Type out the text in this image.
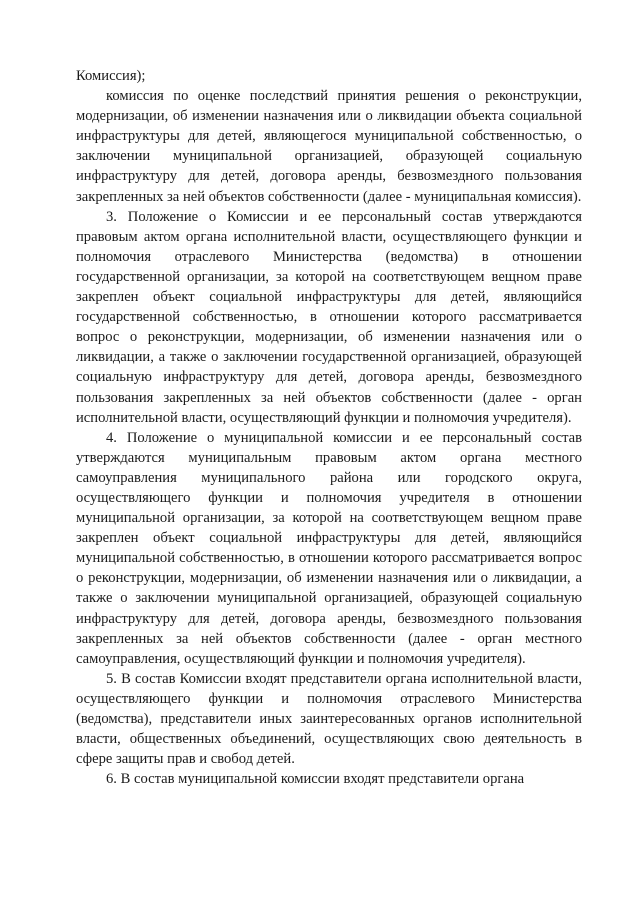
Комиссия);

комиссия по оценке последствий принятия решения о реконструкции, модернизации, об изменении назначения или о ликвидации объекта социальной инфраструктуры для детей, являющегося муниципальной собственностью, о заключении муниципальной организацией, образующей социальную инфраструктуру для детей, договора аренды, безвозмездного пользования закрепленных за ней объектов собственности (далее - муниципальная комиссия).

3. Положение о Комиссии и ее персональный состав утверждаются правовым актом органа исполнительной власти, осуществляющего функции и полномочия отраслевого Министерства (ведомства) в отношении государственной организации, за которой на соответствующем вещном праве закреплен объект социальной инфраструктуры для детей, являющийся государственной собственностью, в отношении которого рассматривается вопрос о реконструкции, модернизации, об изменении назначения или о ликвидации, а также о заключении государственной организацией, образующей социальную инфраструктуру для детей, договора аренды, безвозмездного пользования закрепленных за ней объектов собственности (далее - орган исполнительной власти, осуществляющий функции и полномочия учредителя).

4. Положение о муниципальной комиссии и ее персональный состав утверждаются муниципальным правовым актом органа местного самоуправления муниципального района или городского округа, осуществляющего функции и полномочия учредителя в отношении муниципальной организации, за которой на соответствующем вещном праве закреплен объект социальной инфраструктуры для детей, являющийся муниципальной собственностью, в отношении которого рассматривается вопрос о реконструкции, модернизации, об изменении назначения или о ликвидации, а также о заключении муниципальной организацией, образующей социальную инфраструктуру для детей, договора аренды, безвозмездного пользования закрепленных за ней объектов собственности (далее - орган местного самоуправления, осуществляющий функции и полномочия учредителя).

5. В состав Комиссии входят представители органа исполнительной власти, осуществляющего функции и полномочия отраслевого Министерства (ведомства), представители иных заинтересованных органов исполнительной власти, общественных объединений, осуществляющих свою деятельность в сфере защиты прав и свобод детей.

6. В состав муниципальной комиссии входят представители органа
